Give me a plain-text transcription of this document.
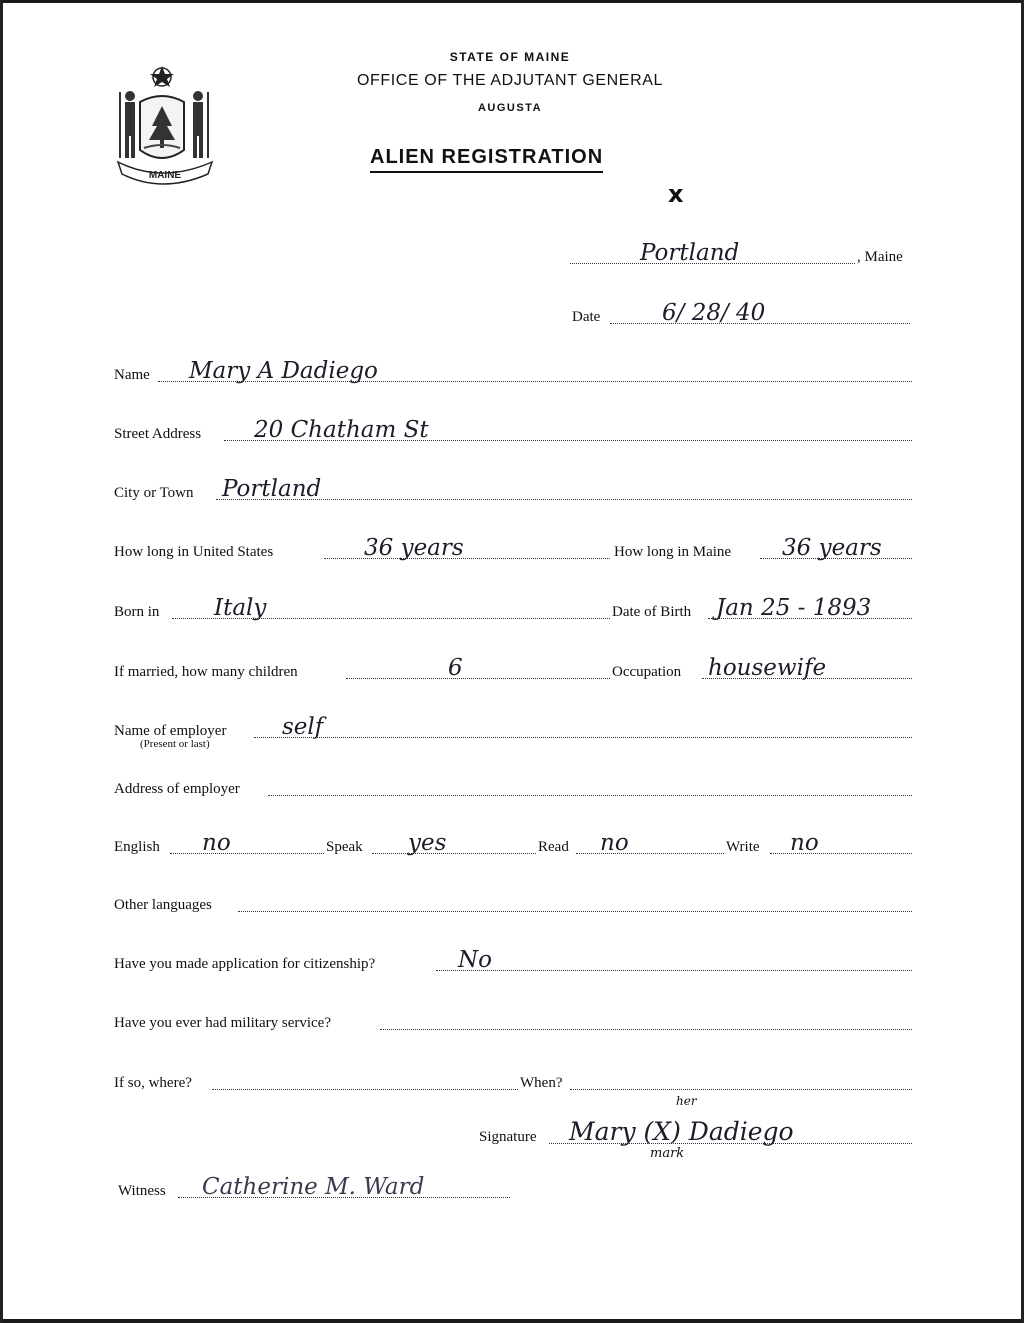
MAINE
STATE OF MAINE
OFFICE OF THE ADJUTANT GENERAL
AUGUSTA
ALIEN REGISTRATION
x
Portland	, Maine
Date	6/ 28/ 40
Name Mary A Dadiego
Street Address 20 Chatham St
City or Town Portland
How long in United States	36 years	How long in Maine 36 years
Born in Italy	Date of Birth Jan 25 - 1893
If married, how many children	6	Occupation housewife
Name of employer self
(Present or last)
Address of employer
English no	Speak yes	Read no	Write no
Other languages
Have you made application for citizenship?	No
Have you ever had military service?
If so, where?	When?
Signature Mary (X) Dadiego
her
mark
Witness Catherine M. Ward
